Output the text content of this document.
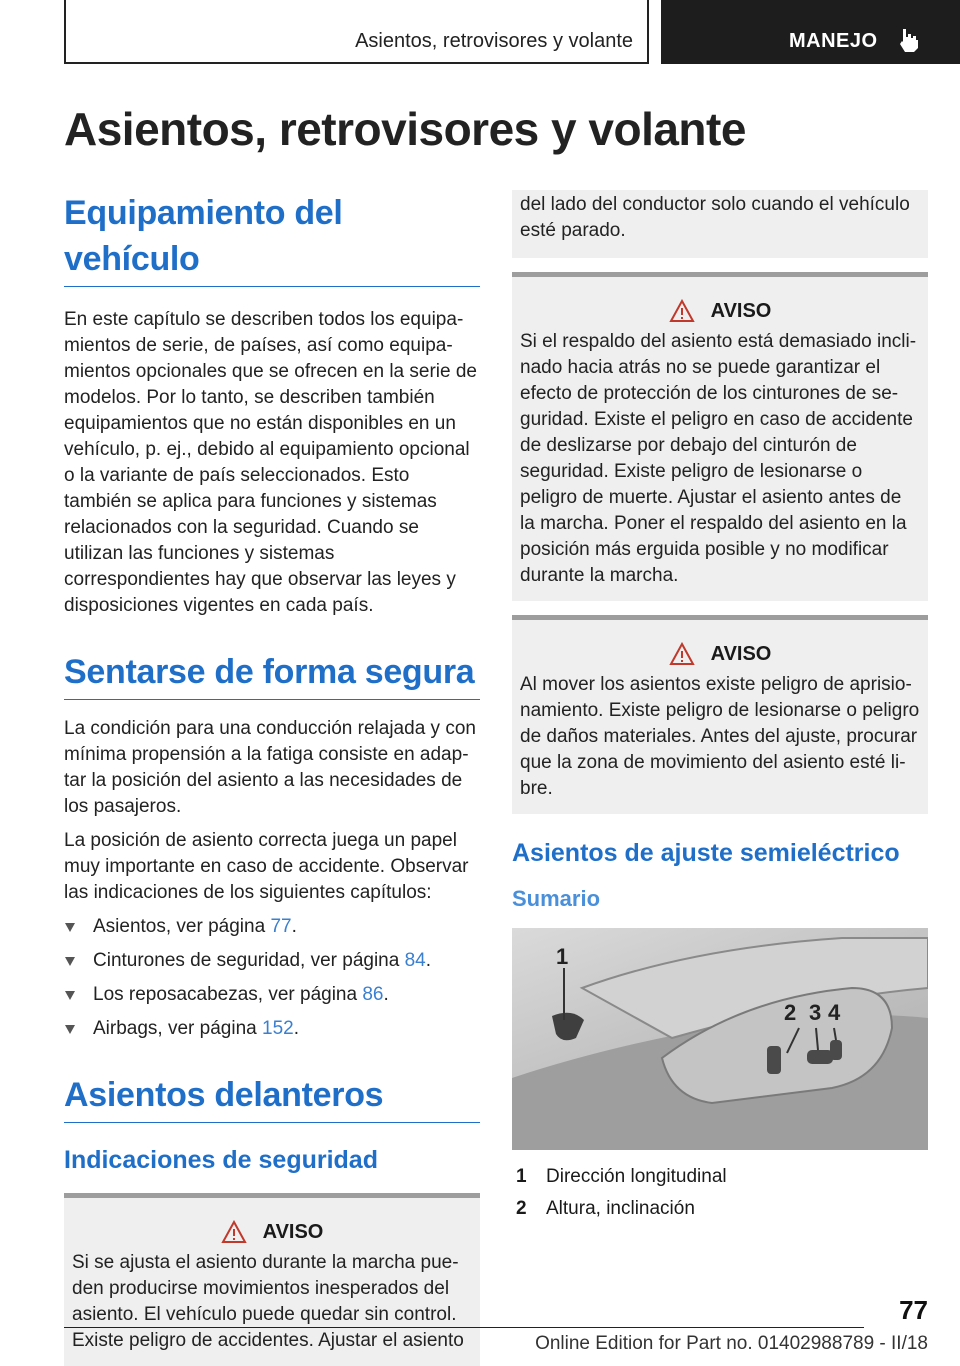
Asientos, retrovisores y volante	MANEJO
Asientos, retrovisores y volante
Equipamiento del vehículo

En este capítulo se describen todos los equipamientos de serie, de países, así como equipamientos opcionales que se ofrecen en la serie de modelos. Por lo tanto, se describen también equipamientos que no están disponibles en un vehículo, p. ej., debido al equipamiento opcional o la variante de país seleccionados. Esto también se aplica para funciones y sistemas relacionados con la seguridad. Cuando se utilizan las funciones y sistemas correspondientes hay que observar las leyes y disposiciones vigentes en cada país.

Sentarse de forma segura

La condición para una conducción relajada y con mínima propensión a la fatiga consiste en adaptar la posición del asiento a las necesidades de los pasajeros.

La posición de asiento correcta juega un papel muy importante en caso de accidente. Observar las indicaciones de los siguientes capítulos:

Asientos, ver página 77.
Cinturones de seguridad, ver página 84.
Los reposacabezas, ver página 86.
Airbags, ver página 152.
Asientos delanteros
Indicaciones de seguridad
AVISO

Si se ajusta el asiento durante la marcha pueden producirse movimientos inesperados del asiento. El vehículo puede quedar sin control. Existe peligro de accidentes. Ajustar el asiento

del lado del conductor solo cuando el vehículo esté parado.

AVISO

Si el respaldo del asiento está demasiado inclinado hacia atrás no se puede garantizar el efecto de protección de los cinturones de seguridad. Existe el peligro en caso de accidente de deslizarse por debajo del cinturón de seguridad. Existe peligro de lesionarse o peligro de muerte. Ajustar el asiento antes de la marcha. Poner el respaldo del asiento en la posición más erguida posible y no modificar durante la marcha.

AVISO

Al mover los asientos existe peligro de aprisionamiento. Existe peligro de lesionarse o peligro de daños materiales. Antes del ajuste, procurar que la zona de movimiento del asiento esté libre.

Asientos de ajuste semieléctrico
Sumario
1
2 3 4
1	Dirección longitudinal
2	Altura, inclinación
77
Online Edition for Part no. 01402988789 - II/18
